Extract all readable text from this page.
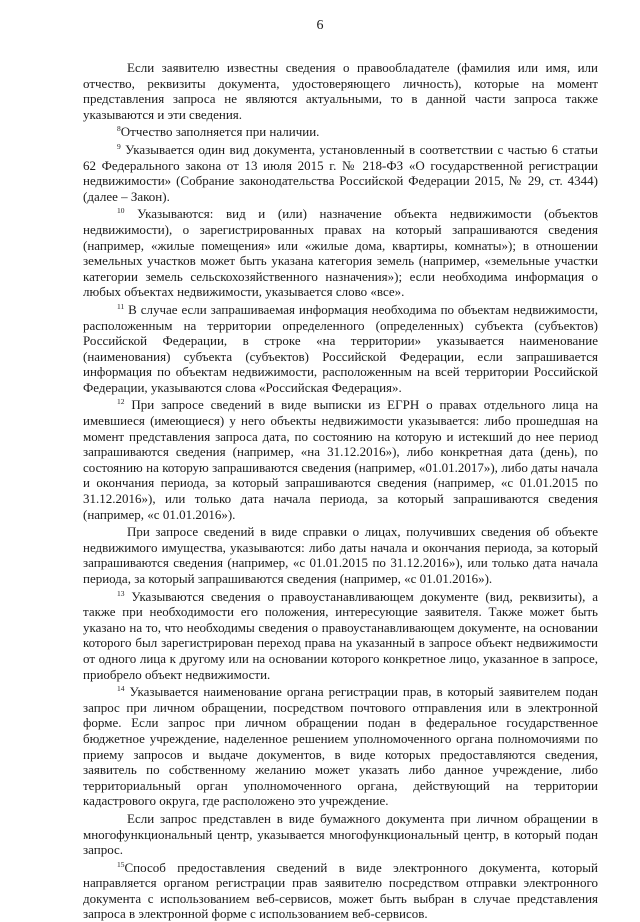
6

Если заявителю известны сведения о правообладателе (фамилия или имя, или отчество, реквизиты документа, удостоверяющего личность), которые на момент представления запроса не являются актуальными, то в данной части запроса также указываются и эти сведения.

$^8$Отчество заполняется при наличии.

$^9$ Указывается один вид документа, установленный в соответствии с частью 6 статьи 62 Федерального закона от 13 июля 2015 г. № 218-ФЗ «О государственной регистрации недвижимости» (Собрание законодательства Российской Федерации 2015, № 29, ст. 4344) (далее – Закон).

$^{10}$ Указываются: вид и (или) назначение объекта недвижимости (объектов недвижимости), о зарегистрированных правах на который запрашиваются сведения (например, «жилые помещения» или «жилые дома, квартиры, комнаты»); в отношении земельных участков может быть указана категория земель (например, «земельные участки категории земель сельскохозяйственного назначения»); если необходима информация о любых объектах недвижимости, указывается слово «все».

$^{11}$ В случае если запрашиваемая информация необходима по объектам недвижимости, расположенным на территории определенного (определенных) субъекта (субъектов) Российской Федерации, в строке «на территории» указывается наименование (наименования) субъекта (субъектов) Российской Федерации, если запрашивается информация по объектам недвижимости, расположенным на всей территории Российской Федерации, указываются слова «Российская Федерация».

$^{12}$ При запросе сведений в виде выписки из ЕГРН о правах отдельного лица на имевшиеся (имеющиеся) у него объекты недвижимости указывается: либо прошедшая на момент представления запроса дата, по состоянию на которую и истекший до нее период запрашиваются сведения (например, «на 31.12.2016»), либо конкретная дата (день), по состоянию на которую запрашиваются сведения (например, «01.01.2017»), либо даты начала и окончания периода, за который запрашиваются сведения (например, «с 01.01.2015 по 31.12.2016»), или только дата начала периода, за который запрашиваются сведения (например, «с 01.01.2016»).

При запросе сведений в виде справки о лицах, получивших сведения об объекте недвижимого имущества, указываются: либо даты начала и окончания периода, за который запрашиваются сведения (например, «с 01.01.2015 по 31.12.2016»), или только дата начала периода, за который запрашиваются сведения (например, «с 01.01.2016»).

$^{13}$ Указываются сведения о правоустанавливающем документе (вид, реквизиты), а также при необходимости его положения, интересующие заявителя. Также может быть указано на то, что необходимы сведения о правоустанавливающем документе, на основании которого был зарегистрирован переход права на указанный в запросе объект недвижимости от одного лица к другому или на основании которого конкретное лицо, указанное в запросе, приобрело объект недвижимости.

$^{14}$ Указывается наименование органа регистрации прав, в который заявителем подан запрос при личном обращении, посредством почтового отправления или в электронной форме. Если запрос при личном обращении подан в федеральное государственное бюджетное учреждение, наделенное решением уполномоченного органа полномочиями по приему запросов и выдаче документов, в виде которых предоставляются сведения, заявитель по собственному желанию может указать либо данное учреждение, либо территориальный орган уполномоченного органа, действующий на территории кадастрового округа, где расположено это учреждение.

Если запрос представлен в виде бумажного документа при личном обращении в многофункциональный центр, указывается многофункциональный центр, в который подан запрос.

$^{15}$Способ предоставления сведений в виде электронного документа, который направляется органом регистрации прав заявителю посредством отправки электронного документа с использованием веб-сервисов, может быть выбран в случае представления запроса в электронной форме с использованием веб-сервисов.
